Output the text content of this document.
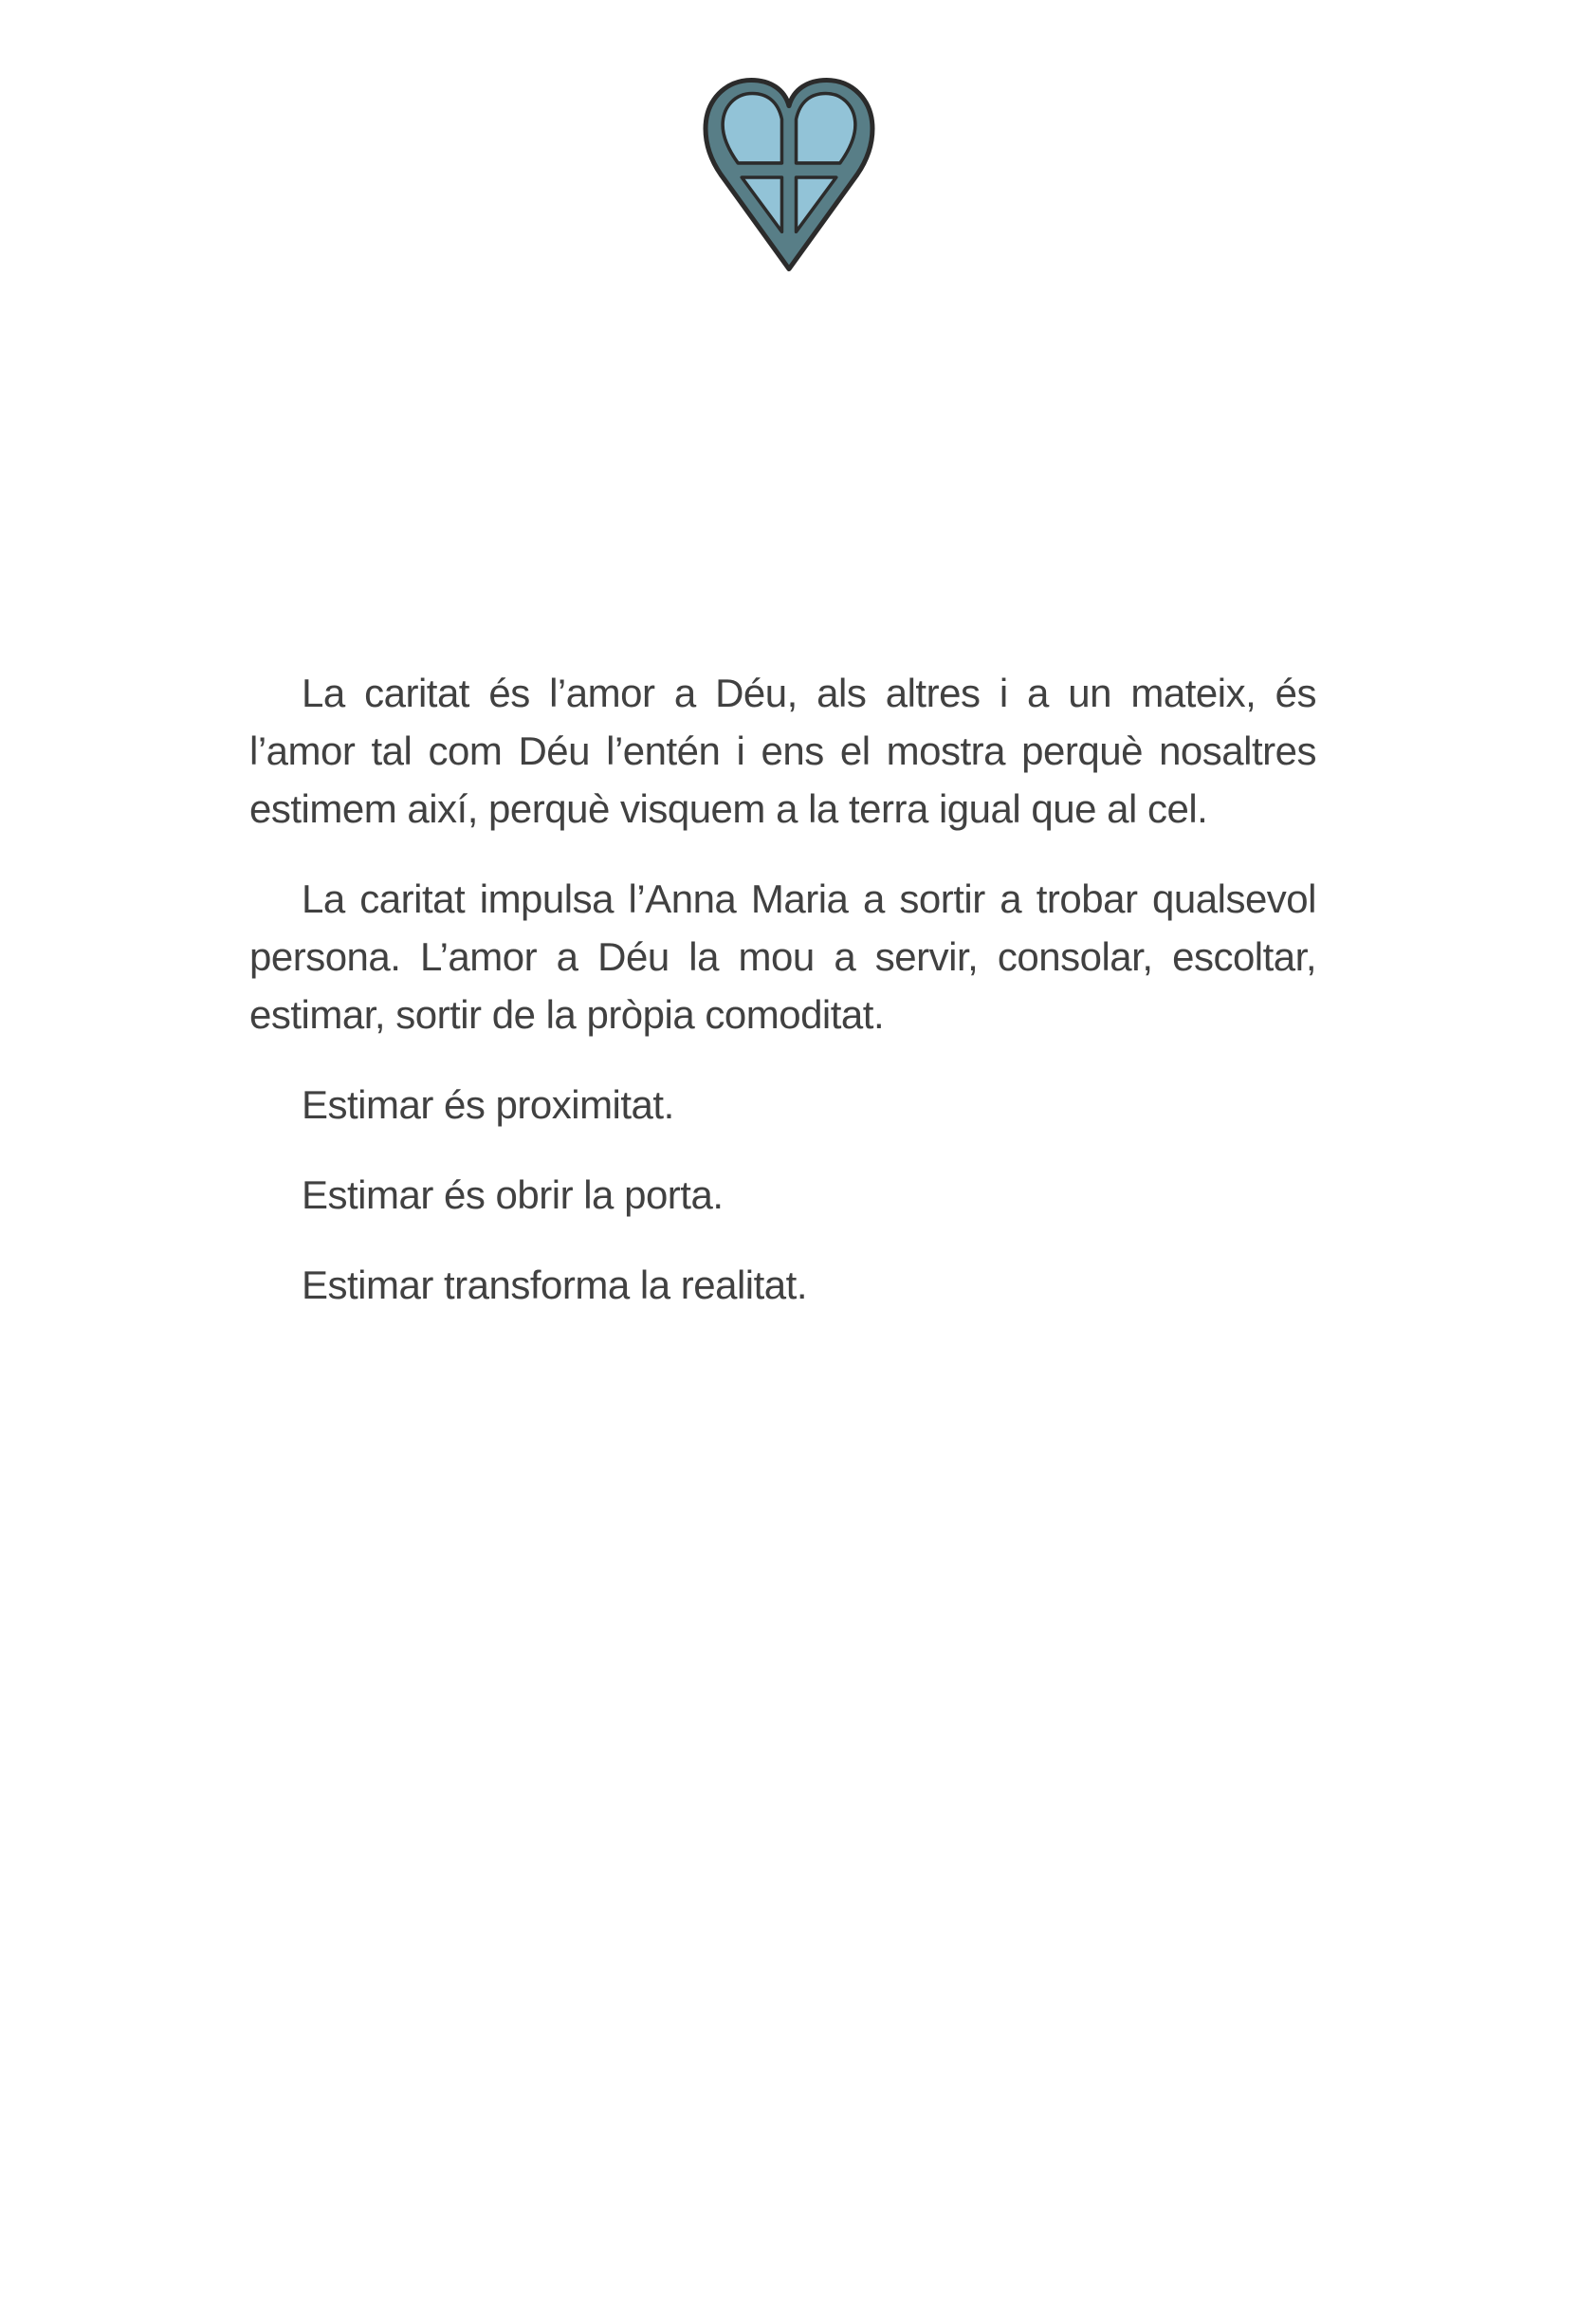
La caritat és l’amor a Déu, als altres i a un mateix, és
l’amor tal com Déu l’entén i ens el mostra perquè nosaltres
estimem així, perquè visquem a la terra igual que al cel.

La caritat impulsa l’Anna Maria a sortir a trobar qualsevol
persona. L’amor a Déu la mou a servir, consolar, escoltar,
estimar, sortir de la pròpia comoditat.

Estimar és proximitat.

Estimar és obrir la porta.

Estimar transforma la realitat.
